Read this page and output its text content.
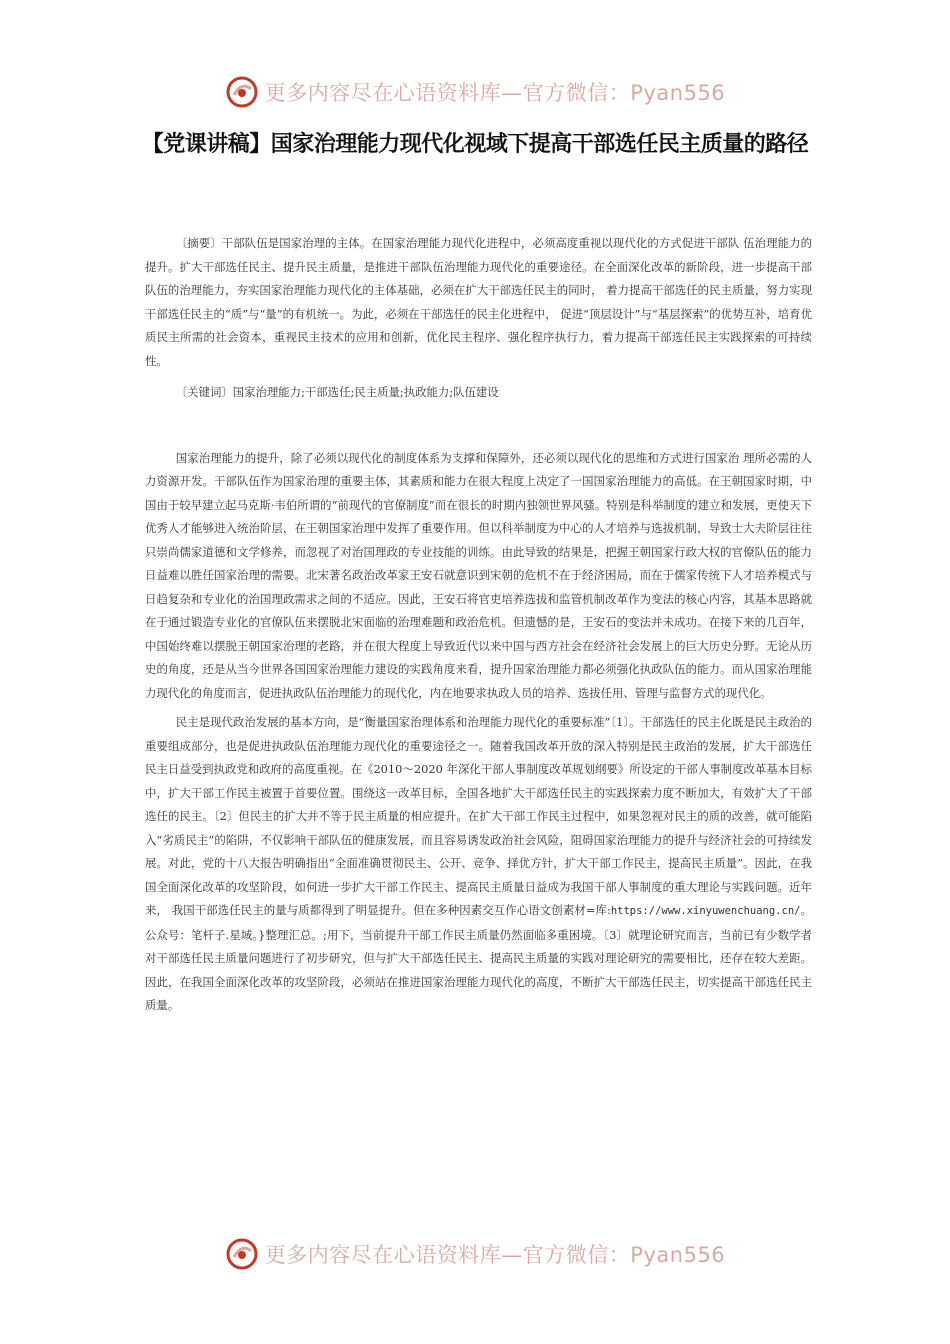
更多内容尽在心语资料库—官方微信：Pyan556
【党课讲稿】国家治理能力现代化视域下提高干部选任民主质量的路径

〔摘要〕干部队伍是国家治理的主体。在国家治理能力现代化进程中，必须高度重视以现代化的方式促进干部队 伍治理能力的提升。扩大干部选任民主、提升民主质量，是推进干部队伍治理能力现代化的重要途径。在全面深化改革的新阶段，进一步提高干部队伍的治理能力，夯实国家治理能力现代化的主体基础，必须在扩大干部选任民主的同时， 着力提高干部选任的民主质量，努力实现干部选任民主的“质”与“量”的有机统一。为此，必须在干部选任的民主化进程中， 促进“顶层设计”与“基层探索”的优势互补，培育优质民主所需的社会资本，重视民主技术的应用和创新，优化民主程序、强化程序执行力，着力提高干部选任民主实践探索的可持续性。

〔关键词〕国家治理能力;干部选任;民主质量;执政能力;队伍建设

国家治理能力的提升，除了必须以现代化的制度体系为支撑和保障外，还必须以现代化的思维和方式进行国家治 理所必需的人力资源开发。干部队伍作为国家治理的重要主体，其素质和能力在很大程度上决定了一国国家治理能力的高低。在王朝国家时期，中国由于较早建立起马克斯·韦伯所谓的“前现代的官僚制度”而在很长的时期内独领世界风骚。特别是科举制度的建立和发展，更使天下优秀人才能够进入统治阶层，在王朝国家治理中发挥了重要作用。但以科举制度为中心的人才培养与选拔机制，导致士大夫阶层往往只崇尚儒家道德和文学修养，而忽视了对治国理政的专业技能的训练。由此导致的结果是，把握王朝国家行政大权的官僚队伍的能力日益难以胜任国家治理的需要。北宋著名政治改革家王安石就意识到宋朝的危机不在于经济困局，而在于儒家传统下人才培养模式与日趋复杂和专业化的治国理政需求之间的不适应。因此，王安石将官吏培养选拔和监管机制改革作为变法的核心内容，其基本思路就在于通过锻造专业化的官僚队伍来摆脱北宋面临的治理难题和政治危机。但遗憾的是，王安石的变法并未成功。在接下来的几百年，中国始终难以摆脱王朝国家治理的老路，并在很大程度上导致近代以来中国与西方社会在经济社会发展上的巨大历史分野。无论从历史的角度，还是从当今世界各国国家治理能力建设的实践角度来看，提升国家治理能力都必须强化执政队伍的能力。而从国家治理能力现代化的角度而言，促进执政队伍治理能力的现代化，内在地要求执政人员的培养、选拔任用、管理与监督方式的现代化。

民主是现代政治发展的基本方向，是“衡量国家治理体系和治理能力现代化的重要标准”〔1〕。干部选任的民主化既是民主政治的重要组成部分，也是促进执政队伍治理能力现代化的重要途径之一。随着我国改革开放的深入特别是民主政治的发展，扩大干部选任民主日益受到执政党和政府的高度重视。在《2010～2020 年深化干部人事制度改革规划纲要》所设定的干部人事制度改革基本目标中，扩大干部工作民主被置于首要位置。围绕这一改革目标，全国各地扩大干部选任民主的实践探索力度不断加大，有效扩大了干部选任的民主。〔2〕但民主的扩大并不等于民主质量的相应提升。在扩大干部工作民主过程中，如果忽视对民主的质的改善，就可能陷入“劣质民主”的陷阱，不仅影响干部队伍的健康发展，而且容易诱发政治社会风险，阻碍国家治理能力的提升与经济社会的可持续发展。对此，党的十八大报告明确指出“全面准确贯彻民主、公开、竞争、择优方针，扩大干部工作民主，提高民主质量”。因此，在我国全面深化改革的攻坚阶段，如何进一步扩大干部工作民主、提高民主质量日益成为我国干部人事制度的重大理论与实践问题。近年来， 我国干部选任民主的量与质都得到了明显提升。但在多种因素交互作心语文创素材=库:https://www.xinyuwenchuang.cn/。公众号：笔杆子.星域。}整理汇总。;用下，当前提升干部工作民主质量仍然面临多重困境。〔3〕就理论研究而言，当前已有少数学者对干部选任民主质量问题进行了初步研究，但与扩大干部选任民主、提高民主质量的实践对理论研究的需要相比，还存在较大差距。因此，在我国全面深化改革的攻坚阶段，必须站在推进国家治理能力现代化的高度，不断扩大干部选任民主，切实提高干部选任民主质量。

更多内容尽在心语资料库—官方微信：Pyan556
